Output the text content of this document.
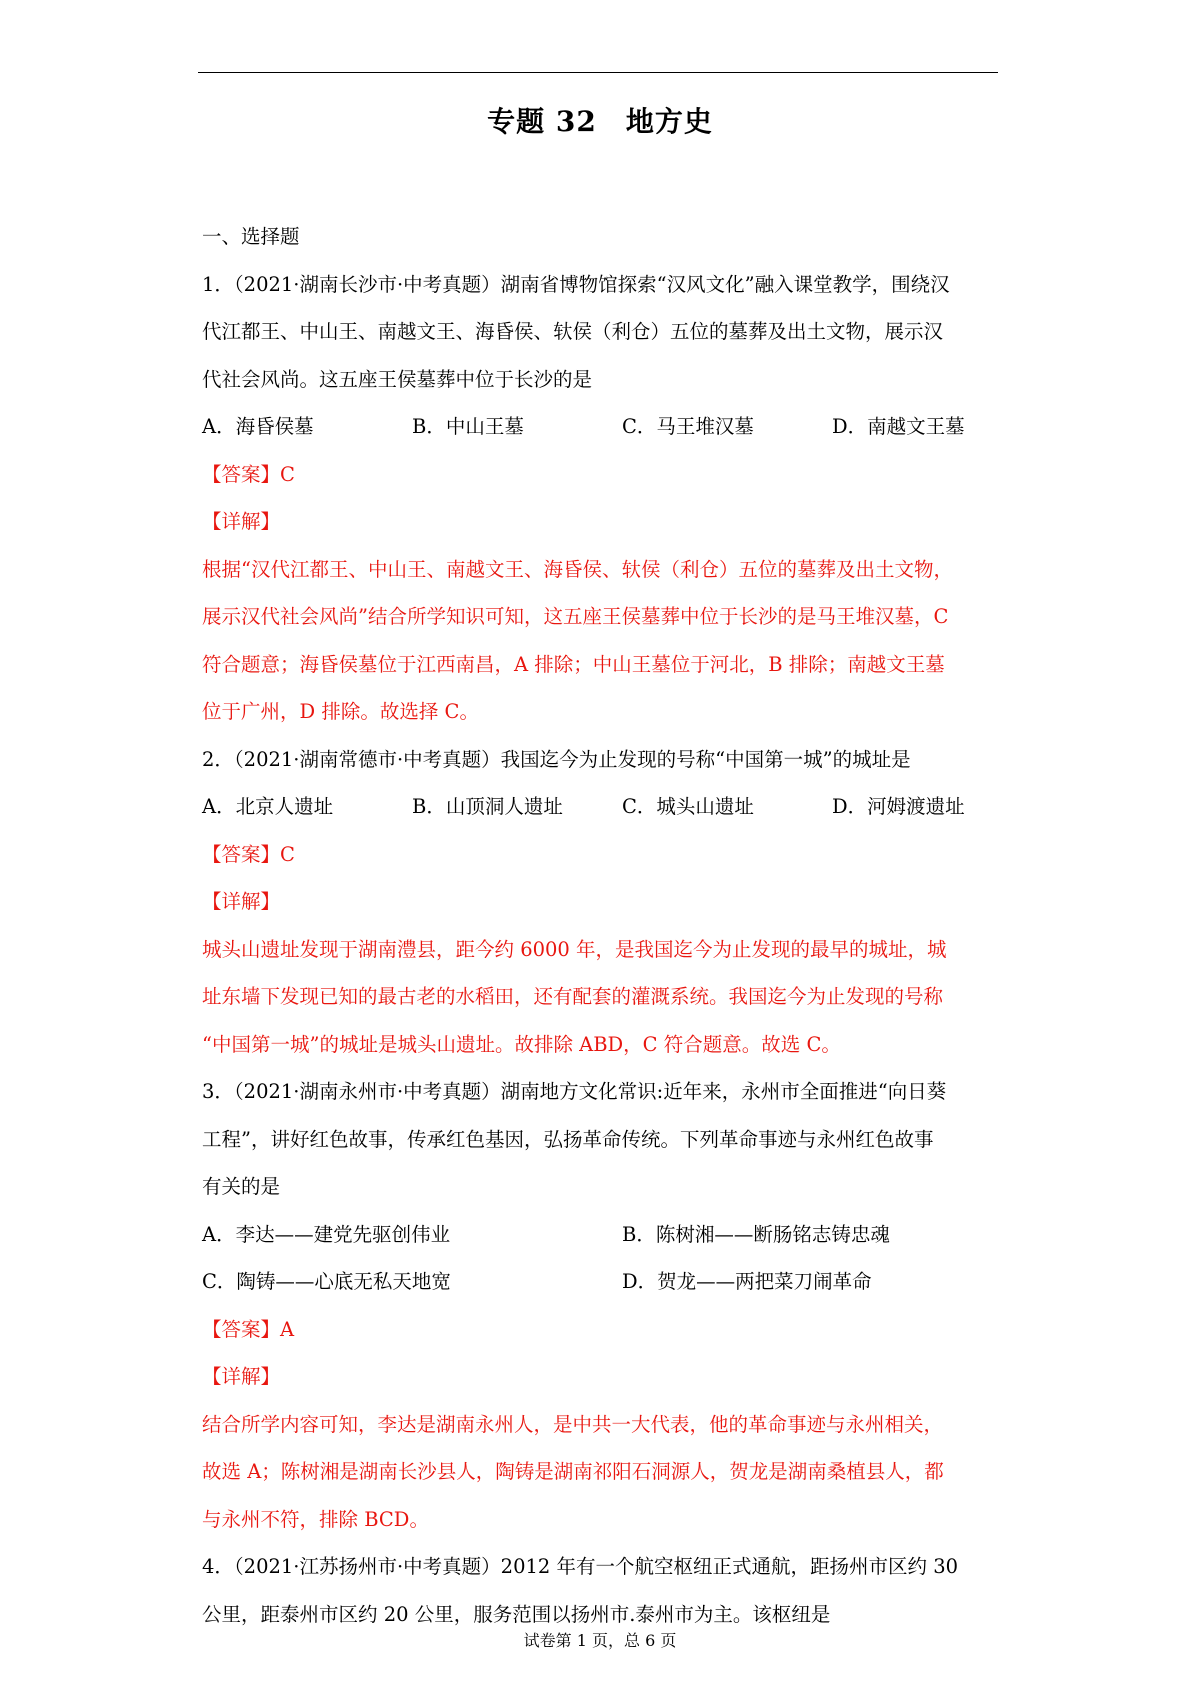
专题 32　地方史
一、选择题
1．（2021·湖南长沙市·中考真题）湖南省博物馆探索“汉风文化”融入课堂教学，围绕汉
代江都王、中山王、南越文王、海昏侯、轪侯（利仓）五位的墓葬及出土文物，展示汉
代社会风尚。这五座王侯墓葬中位于长沙的是
A．海昏侯墓	B．中山王墓	C．马王堆汉墓	D．南越文王墓
【答案】C
【详解】
根据“汉代江都王、中山王、南越文王、海昏侯、轪侯（利仓）五位的墓葬及出土文物，
展示汉代社会风尚”结合所学知识可知，这五座王侯墓葬中位于长沙的是马王堆汉墓，C
符合题意；海昏侯墓位于江西南昌，A 排除；中山王墓位于河北，B 排除；南越文王墓
位于广州，D 排除。故选择 C。
2．（2021·湖南常德市·中考真题）我国迄今为止发现的号称“中国第一城”的城址是
A．北京人遗址	B．山顶洞人遗址	C．城头山遗址	D．河姆渡遗址
【答案】C
【详解】
城头山遗址发现于湖南澧县，距今约 6000 年，是我国迄今为止发现的最早的城址，城
址东墙下发现已知的最古老的水稻田，还有配套的灌溉系统。我国迄今为止发现的号称
“中国第一城”的城址是城头山遗址。故排除 ABD，C 符合题意。故选 C。
3．（2021·湖南永州市·中考真题）湖南地方文化常识:近年来，永州市全面推进“向日葵
工程”，讲好红色故事，传承红色基因，弘扬革命传统。下列革命事迹与永州红色故事
有关的是
A．李达——建党先驱创伟业	B．陈树湘——断肠铭志铸忠魂
C．陶铸——心底无私天地宽	D．贺龙——两把菜刀闹革命
【答案】A
【详解】
结合所学内容可知，李达是湖南永州人，是中共一大代表，他的革命事迹与永州相关，
故选 A；陈树湘是湖南长沙县人，陶铸是湖南祁阳石洞源人，贺龙是湖南桑植县人，都
与永州不符，排除 BCD。
4．（2021·江苏扬州市·中考真题）2012 年有一个航空枢纽正式通航，距扬州市区约 30
公里，距泰州市区约 20 公里，服务范围以扬州市.泰州市为主。该枢纽是
试卷第 1 页，总 6 页
